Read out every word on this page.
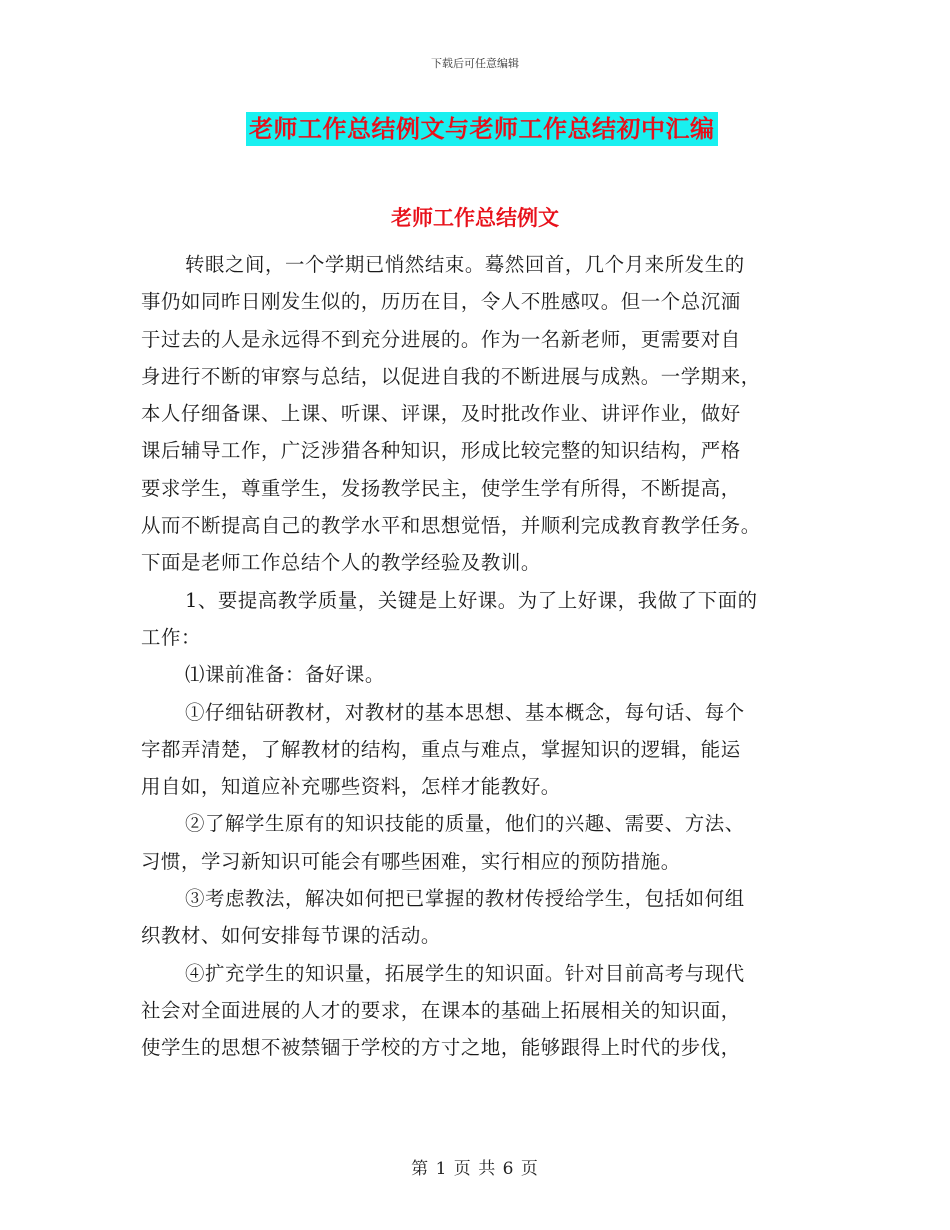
下载后可任意编辑
老师工作总结例文与老师工作总结初中汇编
老师工作总结例文
转眼之间，一个学期已悄然结束。蓦然回首，几个月来所发生的
事仍如同昨日刚发生似的，历历在目，令人不胜感叹。但一个总沉湎
于过去的人是永远得不到充分进展的。作为一名新老师，更需要对自
身进行不断的审察与总结，以促进自我的不断进展与成熟。一学期来，
本人仔细备课、上课、听课、评课，及时批改作业、讲评作业，做好
课后辅导工作，广泛涉猎各种知识，形成比较完整的知识结构，严格
要求学生，尊重学生，发扬教学民主，使学生学有所得，不断提高，
从而不断提高自己的教学水平和思想觉悟，并顺利完成教育教学任务。
下面是老师工作总结个人的教学经验及教训。
1、要提高教学质量，关键是上好课。为了上好课，我做了下面的
工作：
⑴课前准备：备好课。
①仔细钻研教材，对教材的基本思想、基本概念，每句话、每个
字都弄清楚，了解教材的结构，重点与难点，掌握知识的逻辑，能运
用自如，知道应补充哪些资料，怎样才能教好。
②了解学生原有的知识技能的质量，他们的兴趣、需要、方法、
习惯，学习新知识可能会有哪些困难，实行相应的预防措施。
③考虑教法，解决如何把已掌握的教材传授给学生，包括如何组
织教材、如何安排每节课的活动。
④扩充学生的知识量，拓展学生的知识面。针对目前高考与现代
社会对全面进展的人才的要求，在课本的基础上拓展相关的知识面，
使学生的思想不被禁锢于学校的方寸之地，能够跟得上时代的步伐，
第 1 页 共 6 页
